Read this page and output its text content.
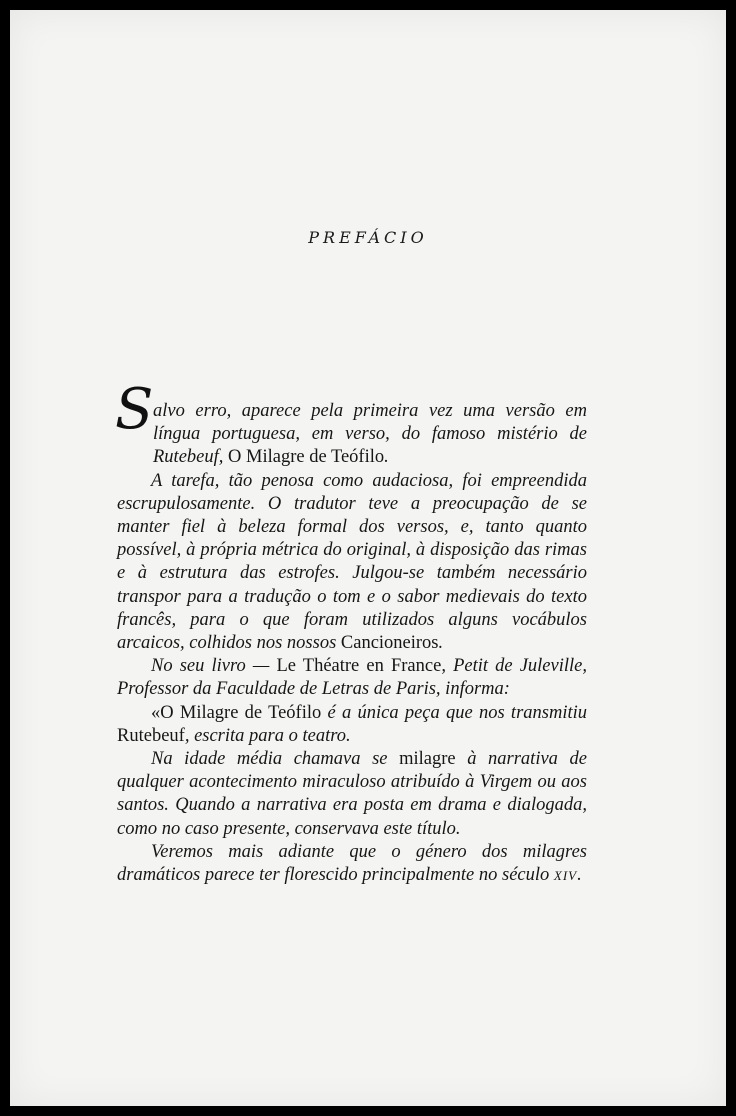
PREFÁCIO

S alvo erro, aparece pela primeira vez uma versão em língua portuguesa, em verso, do famoso mistério de Rutebeuf, O Milagre de Teófilo.

A tarefa, tão penosa como audaciosa, foi empreendida escrupulosamente. O tradutor teve a preocupação de se manter fiel à beleza formal dos versos, e, tanto quanto possível, à própria métrica do original, à disposição das rimas e à estrutura das estrofes. Julgou-se também necessário transpor para a tradução o tom e o sabor medievais do texto francês, para o que foram utilizados alguns vocábulos arcaicos, colhidos nos nossos Cancioneiros.

No seu livro — Le Théatre en France, Petit de Juleville, Professor da Faculdade de Letras de Paris, informa:

«O Milagre de Teófilo é a única peça que nos transmitiu Rutebeuf, escrita para o teatro.

Na idade média chamava se milagre à narrativa de qualquer acontecimento miraculoso atribuído à Virgem ou aos santos. Quando a narrativa era posta em drama e dialogada, como no caso presente, conservava este título.

Veremos mais adiante que o género dos milagres dramáticos parece ter florescido principalmente no século XIV.
